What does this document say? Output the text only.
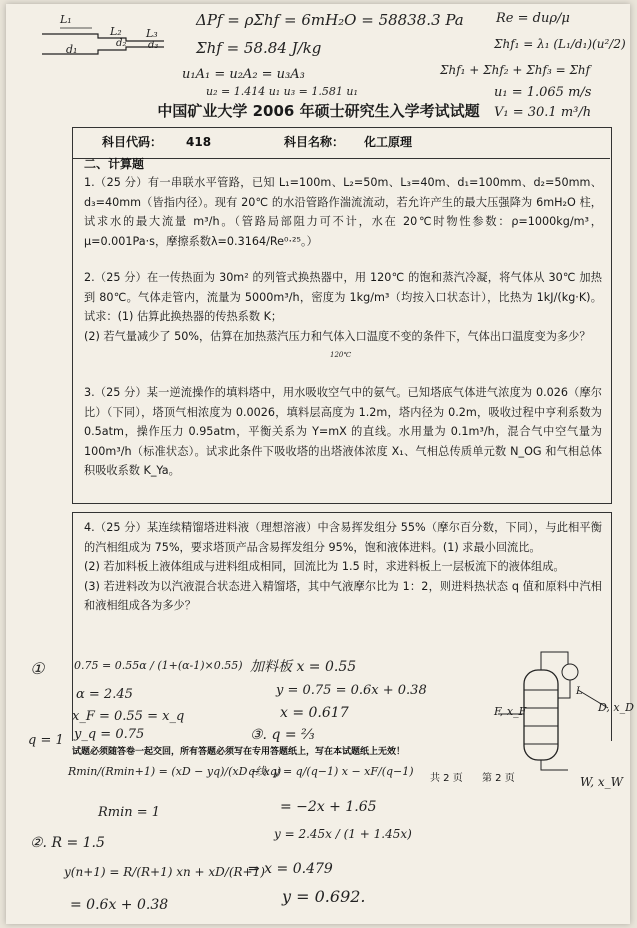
L₁
L₂ L₃
d₁	d₂ d₃
ΔPf = ρΣhf = 6mH₂O = 58838.3 Pa
Σhf = 58.84 J/kg
u₁A₁ = u₂A₂ = u₃A₃
u₂ = 1.414 u₁ u₃ = 1.581 u₁
Re = duρ/μ
Σhf₁ = λ₁ (L₁/d₁)(u²/2)
Σhf₁ + Σhf₂ + Σhf₃ = Σhf
u₁ = 1.065 m/s
V₁ = 30.1 m³/h
中国矿业大学 2006 年硕士研究生入学考试试题
科目代码： 418	科目名称： 化工原理
二、计算题

1.（25 分）有一串联水平管路，已知 L₁=100m、L₂=50m、L₃=40m、d₁=100mm、d₂=50mm、d₃=40mm（皆指内径）。现有 20℃ 的水沿管路作湍流流动，若允许产生的最大压强降为 6mH₂O 柱，试求水的最大流量 m³/h。（管路局部阻力可不计，水在 20℃时物性参数：ρ=1000kg/m³，μ=0.001Pa·s，摩擦系数λ=0.3164/Re⁰·²⁵。）

2.（25 分）在一传热面为 30m² 的列管式换热器中，用 120℃ 的饱和蒸汽冷凝，将气体从 30℃ 加热到 80℃。气体走管内，流量为 5000m³/h，密度为 1kg/m³（均按入口状态计），比热为 1kJ/(kg·K)。试求：(1) 估算此换热器的传热系数 K；

(2) 若气量减少了 50%，估算在加热蒸汽压力和气体入口温度不变的条件下，气体出口温度变为多少？

120℃

3.（25 分）某一逆流操作的填料塔中，用水吸收空气中的氨气。已知塔底气体进气浓度为 0.026（摩尔比）（下同），塔顶气相浓度为 0.0026，填料层高度为 1.2m，塔内径为 0.2m，吸收过程中亨利系数为 0.5atm，操作压力 0.95atm，平衡关系为 Y=mX 的直线。水用量为 0.1m³/h，混合气中空气量为 100m³/h（标准状态）。试求此条件下吸收塔的出塔液体浓度 X₁、气相总传质单元数 N_OG 和气相总体积吸收系数 K_Ya。

4.（25 分）某连续精馏塔进料液（理想溶液）中含易挥发组分 55%（摩尔百分数，下同），与此相平衡的汽相组成为 75%，要求塔顶产品含易挥发组分 95%，饱和液体进料。(1) 求最小回流比。

(2) 若加料板上液体组成与进料组成相同，回流比为 1.5 时，求进料板上一层板流下的液体组成。

(3) 若进料改为以汽液混合状态进入精馏塔，其中气液摩尔比为 1：2，则进料热状态 q 值和原料中汽相和液相组成各为多少？

①	0.75 = 0.55α / (1+(α-1)×0.55)
α = 2.45
x_F = 0.55 = x_q
y_q = 0.75
q = 1
加料板 x = 0.55
y = 0.75 = 0.6x + 0.38
x = 0.617
③. q = ⅔
F, x_F
L
D, x_D
W, x_W
试题必须随答卷一起交回，所有答题必须写在专用答题纸上，写在本试题纸上无效！
共 2 页 第 2 页
Rmin/(Rmin+1) = (xD − yq)/(xD − xq)
Rmin = 1
②. R = 1.5
y(n+1) = R/(R+1) xn + xD/(R+1)
= 0.6x + 0.38
q线: y = q/(q−1) x − xF/(q−1)
= −2x + 1.65
y = 2.45x / (1 + 1.45x)
⇒ x = 0.479
y = 0.692.
